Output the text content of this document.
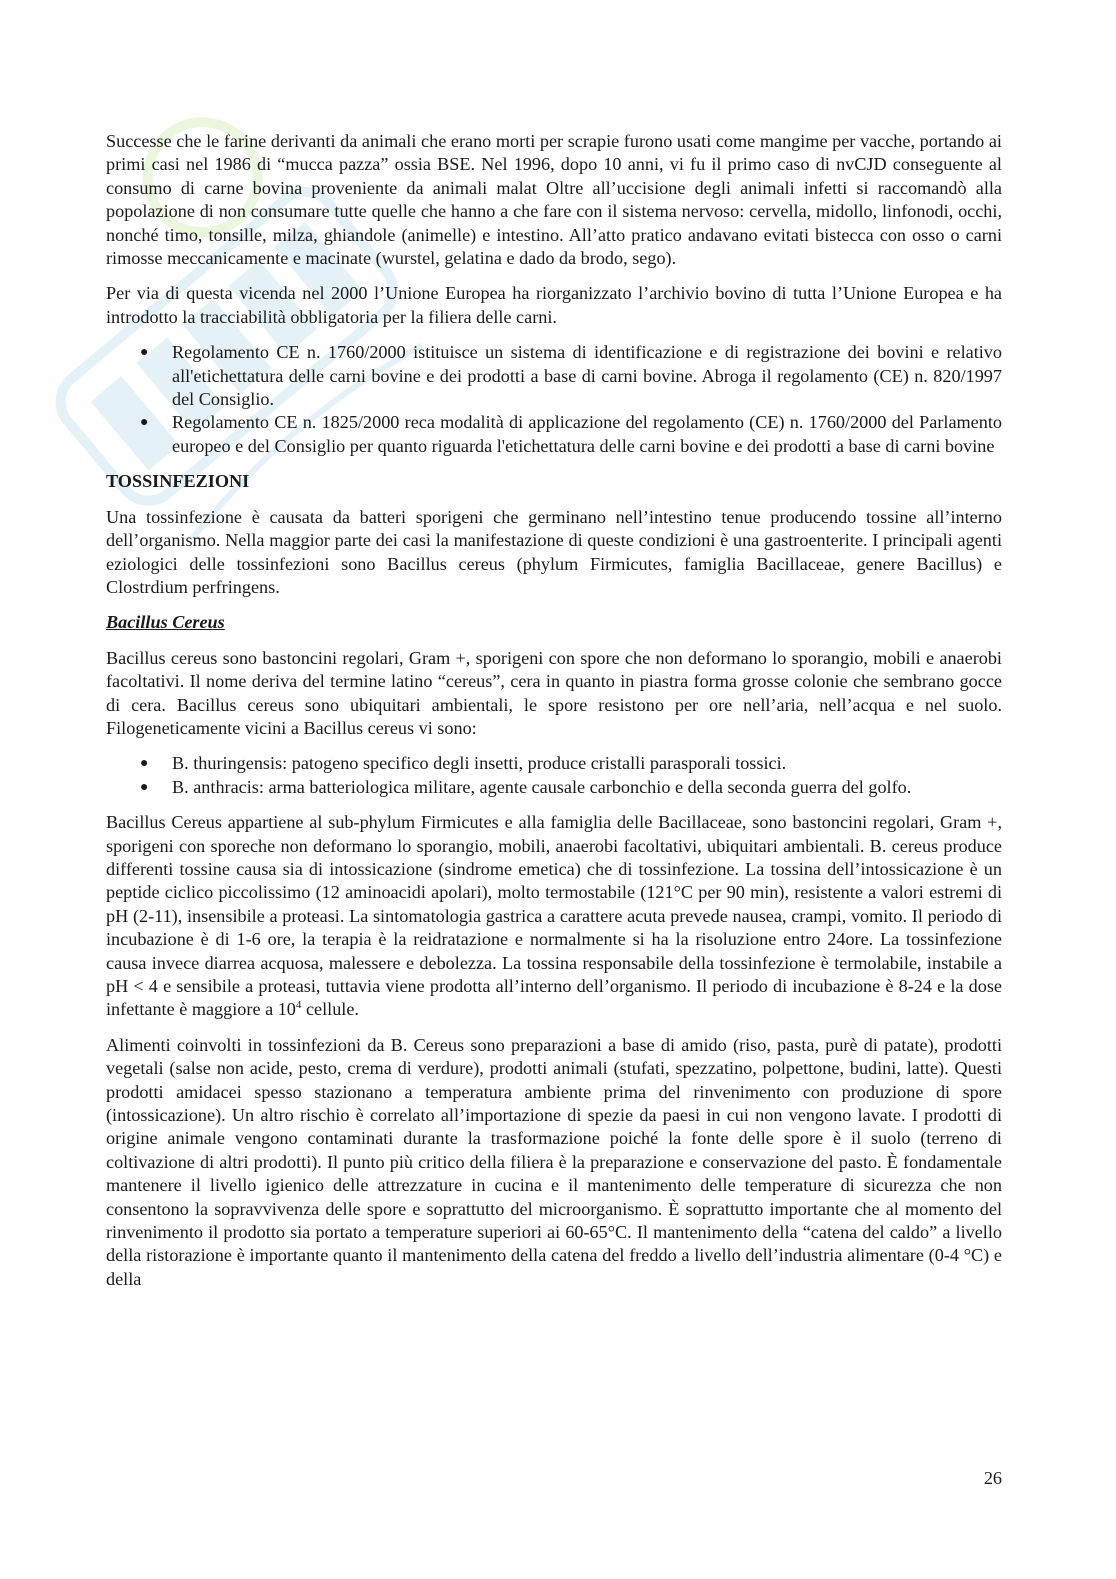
Successe che le farine derivanti da animali che erano morti per scrapie furono usati come mangime per vacche, portando ai primi casi nel 1986 di “mucca pazza” ossia BSE. Nel 1996, dopo 10 anni, vi fu il primo caso di nvCJD conseguente al consumo di carne bovina proveniente da animali malat Oltre all’uccisione degli animali infetti si raccomandò alla popolazione di non consumare tutte quelle che hanno a che fare con il sistema nervoso: cervella, midollo, linfonodi, occhi, nonché timo, tonsille, milza, ghiandole (animelle) e intestino. All’atto pratico andavano evitati bistecca con osso o carni rimosse meccanicamente e macinate (wurstel, gelatina e dado da brodo, sego).

Per via di questa vicenda nel 2000 l’Unione Europea ha riorganizzato l’archivio bovino di tutta l’Unione Europea e ha introdotto la tracciabilità obbligatoria per la filiera delle carni.

● Regolamento CE n. 1760/2000 istituisce un sistema di identificazione e di registrazione dei bovini e relativo all'etichettatura delle carni bovine e dei prodotti a base di carni bovine. Abroga il regolamento (CE) n. 820/1997 del Consiglio.
● Regolamento CE n. 1825/2000 reca modalità di applicazione del regolamento (CE) n. 1760/2000 del Parlamento europeo e del Consiglio per quanto riguarda l'etichettatura delle carni bovine e dei prodotti a base di carni bovine
TOSSINFEZIONI

Una tossinfezione è causata da batteri sporigeni che germinano nell’intestino tenue producendo tossine all’interno dell’organismo. Nella maggior parte dei casi la manifestazione di queste condizioni è una gastroenterite. I principali agenti eziologici delle tossinfezioni sono Bacillus cereus (phylum Firmicutes, famiglia Bacillaceae, genere Bacillus) e Clostrdium perfringens.

Bacillus Cereus

Bacillus cereus sono bastoncini regolari, Gram +, sporigeni con spore che non deformano lo sporangio, mobili e anaerobi facoltativi. Il nome deriva del termine latino “cereus”, cera in quanto in piastra forma grosse colonie che sembrano gocce di cera. Bacillus cereus sono ubiquitari ambientali, le spore resistono per ore nell’aria, nell’acqua e nel suolo. Filogeneticamente vicini a Bacillus cereus vi sono:

● B. thuringensis: patogeno specifico degli insetti, produce cristalli parasporali tossici.
● B. anthracis: arma batteriologica militare, agente causale carbonchio e della seconda guerra del golfo.

Bacillus Cereus appartiene al sub-phylum Firmicutes e alla famiglia delle Bacillaceae, sono bastoncini regolari, Gram +, sporigeni con sporeche non deformano lo sporangio, mobili, anaerobi facoltativi, ubiquitari ambientali. B. cereus produce differenti tossine causa sia di intossicazione (sindrome emetica) che di tossinfezione. La tossina dell’intossicazione è un peptide ciclico piccolissimo (12 aminoacidi apolari), molto termostabile (121°C per 90 min), resistente a valori estremi di pH (2-11), insensibile a proteasi. La sintomatologia gastrica a carattere acuta prevede nausea, crampi, vomito. Il periodo di incubazione è di 1-6 ore, la terapia è la reidratazione e normalmente si ha la risoluzione entro 24ore. La tossinfezione causa invece diarrea acquosa, malessere e debolezza. La tossina responsabile della tossinfezione è termolabile, instabile a pH < 4 e sensibile a proteasi, tuttavia viene prodotta all’interno dell’organismo. Il periodo di incubazione è 8-24 e la dose infettante è maggiore a $10^4$ cellule.

Alimenti coinvolti in tossinfezioni da B. Cereus sono preparazioni a base di amido (riso, pasta, purè di patate), prodotti vegetali (salse non acide, pesto, crema di verdure), prodotti animali (stufati, spezzatino, polpettone, budini, latte). Questi prodotti amidacei spesso stazionano a temperatura ambiente prima del rinvenimento con produzione di spore (intossicazione). Un altro rischio è correlato all’importazione di spezie da paesi in cui non vengono lavate. I prodotti di origine animale vengono contaminati durante la trasformazione poiché la fonte delle spore è il suolo (terreno di coltivazione di altri prodotti). Il punto più critico della filiera è la preparazione e conservazione del pasto. È fondamentale mantenere il livello igienico delle attrezzature in cucina e il mantenimento delle temperature di sicurezza che non consentono la sopravvivenza delle spore e soprattutto del microorganismo. È soprattutto importante che al momento del rinvenimento il prodotto sia portato a temperature superiori ai 60-65°C. Il mantenimento della “catena del caldo” a livello della ristorazione è importante quanto il mantenimento della catena del freddo a livello dell’industria alimentare (0-4 °C) e della

26
